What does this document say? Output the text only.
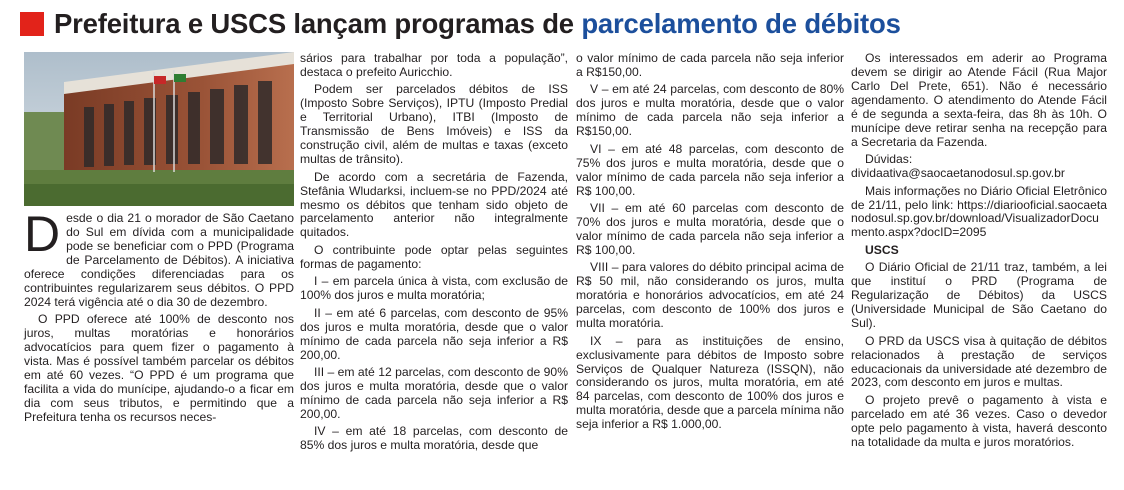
Prefeitura e USCS lançam programas de parcelamento de débitos

Desde o dia 21 o morador de São Caetano do Sul em dívida com a municipalidade pode se beneficiar com o PPD (Programa de Parcelamento de Débitos). A iniciativa oferece condições diferenciadas para os contribuintes regularizarem seus débitos. O PPD 2024 terá vigência até o dia 30 de dezembro.

O PPD oferece até 100% de desconto nos juros, multas moratórias e honorários advocatícios para quem fizer o pagamento à vista. Mas é possível também parcelar os débitos em até 60 vezes. “O PPD é um programa que facilita a vida do munícipe, ajudando-o a ficar em dia com seus tributos, e permitindo que a Prefeitura tenha os recursos neces-

sários para trabalhar por toda a população”, destaca o prefeito Auricchio.

Podem ser parcelados débitos de ISS (Imposto Sobre Serviços), IPTU (Imposto Predial e Territorial Urbano), ITBI (Imposto de Transmissão de Bens Imóveis) e ISS da construção civil, além de multas e taxas (exceto multas de trânsito).

De acordo com a secretária de Fazenda, Stefânia Wludarksi, incluem-se no PPD/2024 até mesmo os débitos que tenham sido objeto de parcelamento anterior não integralmente quitados.

O contribuinte pode optar pelas seguintes formas de pagamento:

I – em parcela única à vista, com exclusão de 100% dos juros e multa moratória;

II – em até 6 parcelas, com desconto de 95% dos juros e multa moratória, desde que o valor mínimo de cada parcela não seja inferior a R$ 200,00.

III – em até 12 parcelas, com desconto de 90% dos juros e multa moratória, desde que o valor mínimo de cada parcela não seja inferior a R$ 200,00.

IV – em até 18 parcelas, com desconto de 85% dos juros e multa moratória, desde que

o valor mínimo de cada parcela não seja inferior a R$150,00.

V – em até 24 parcelas, com desconto de 80% dos juros e multa moratória, desde que o valor mínimo de cada parcela não seja inferior a R$150,00.

VI – em até 48 parcelas, com desconto de 75% dos juros e multa moratória, desde que o valor mínimo de cada parcela não seja inferior a R$ 100,00.

VII – em até 60 parcelas com desconto de 70% dos juros e multa moratória, desde que o valor mínimo de cada parcela não seja inferior a R$ 100,00.

VIII – para valores do débito principal acima de R$ 50 mil, não considerando os juros, multa moratória e honorários advocatícios, em até 24 parcelas, com desconto de 100% dos juros e multa moratória.

IX – para as instituições de ensino, exclusivamente para débitos de Imposto sobre Serviços de Qualquer Natureza (ISSQN), não considerando os juros, multa moratória, em até 84 parcelas, com desconto de 100% dos juros e multa moratória, desde que a parcela mínima não seja inferior a R$ 1.000,00.

Os interessados em aderir ao Programa devem se dirigir ao Atende Fácil (Rua Major Carlo Del Prete, 651). Não é necessário agendamento. O atendimento do Atende Fácil é de segunda a sexta-feira, das 8h às 10h. O munícipe deve retirar senha na recepção para a Secretaria da Fazenda.

Dúvidas: dividaativa@saocaetanodosul.sp.gov.br

Mais informações no Diário Oficial Eletrônico de 21/11, pelo link: https://diariooficial.saocaetanodosul.sp.gov.br/download/VisualizadorDocumento.aspx?docID=2095

USCS

O Diário Oficial de 21/11 traz, também, a lei que instituí o PRD (Programa de Regularização de Débitos) da USCS (Universidade Municipal de São Caetano do Sul).

O PRD da USCS visa à quitação de débitos relacionados à prestação de serviços educacionais da universidade até dezembro de 2023, com desconto em juros e multas.

O projeto prevê o pagamento à vista e parcelado em até 36 vezes. Caso o devedor opte pelo pagamento à vista, haverá desconto na totalidade da multa e juros moratórios.
